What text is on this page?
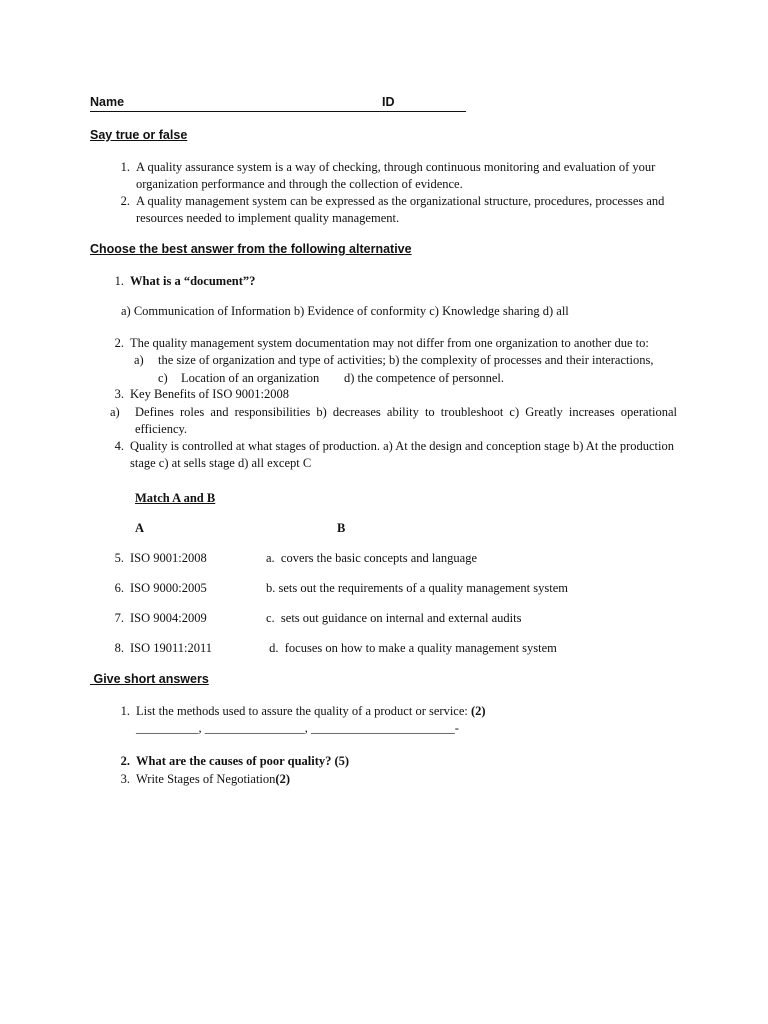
Name	ID
Say true or false
1. A quality assurance system is a way of checking, through continuous monitoring and evaluation of your organization performance and through the collection of evidence.
2. A quality management system can be expressed as the organizational structure, procedures, processes and resources needed to implement quality management.
Choose the best answer from the following alternative
1. What is a “document”?
a) Communication of Information b) Evidence of conformity c) Knowledge sharing d) all
2. The quality management system documentation may not differ from one organization to another due to:
a) the size of organization and type of activities; b) the complexity of processes and their interactions,
c) Location of an organization d) the competence of personnel.
3. Key Benefits of ISO 9001:2008
a) Defines roles and responsibilities b) decreases ability to troubleshoot c) Greatly increases operational efficiency.
4. Quality is controlled at what stages of production. a) At the design and conception stage b) At the production stage c) at sells stage d) all except C
Match A and B
A	B
5. ISO 9001:2008	a.  covers the basic concepts and language
6. ISO 9000:2005	b. sets out the requirements of a quality management system
7. ISO 9004:2009	c.  sets out guidance on internal and external audits
8. ISO 19011:2011	d.  focuses on how to make a quality management system
Give short answers
1. List the methods used to assure the quality of a product or service: (2)
__________, ________________, _______________________-
2. What are the causes of poor quality? (5)
3. Write Stages of Negotiation(2)
